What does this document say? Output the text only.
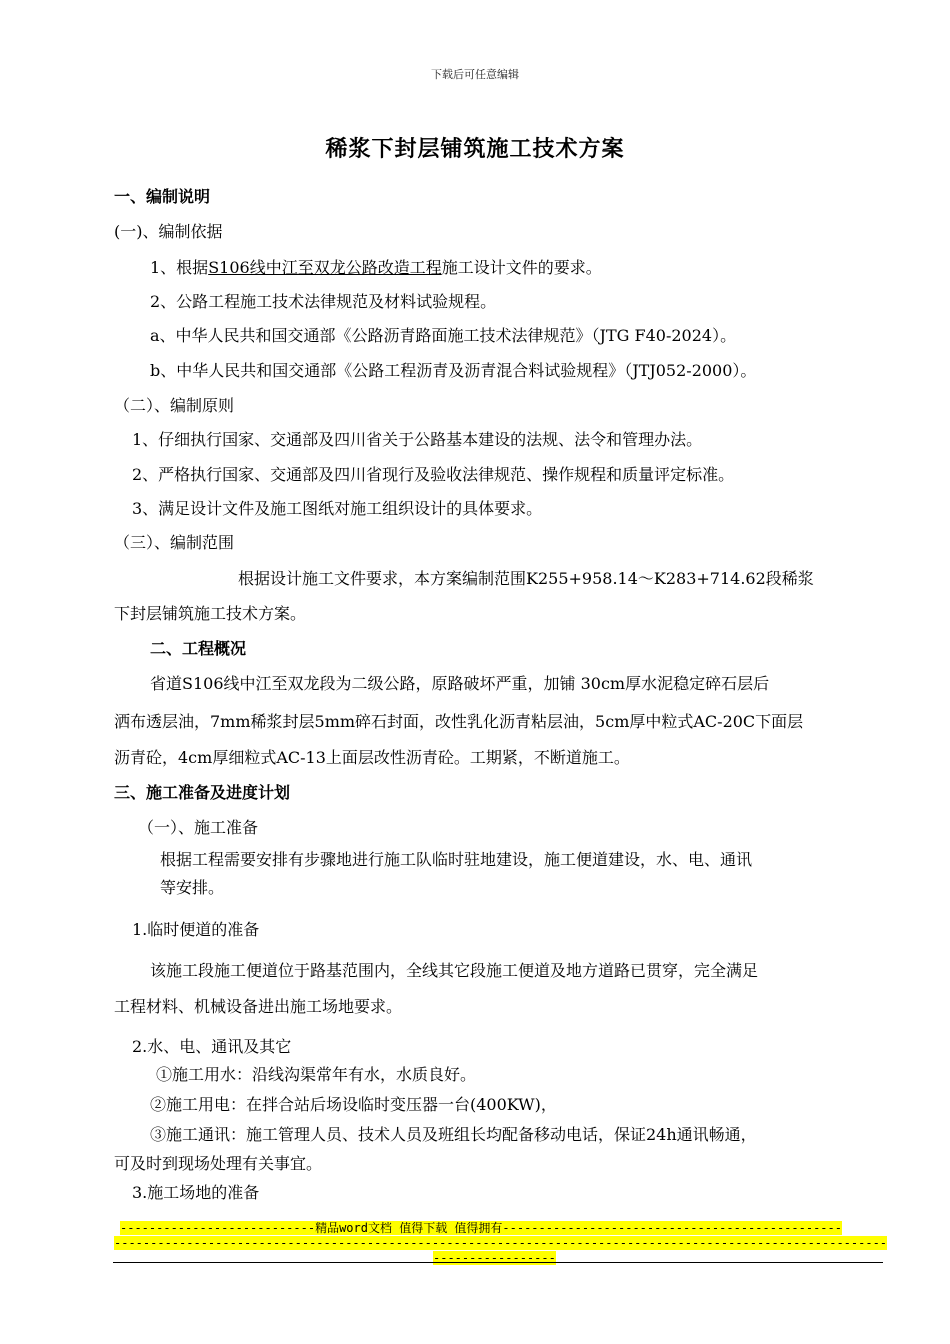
下载后可任意编辑
稀浆下封层铺筑施工技术方案
一、编制说明
(一)、编制依据
1、根据S106线中江至双龙公路改造工程施工设计文件的要求。
2、公路工程施工技术法律规范及材料试验规程。
a、中华人民共和国交通部《公路沥青路面施工技术法律规范》（JTG F40-2024）。
b、中华人民共和国交通部《公路工程沥青及沥青混合料试验规程》（JTJ052-2000）。
（二）、编制原则
1、仔细执行国家、交通部及四川省关于公路基本建设的法规、法令和管理办法。
2、严格执行国家、交通部及四川省现行及验收法律规范、操作规程和质量评定标准。
3、满足设计文件及施工图纸对施工组织设计的具体要求。
（三）、编制范围
根据设计施工文件要求，本方案编制范围K255+958.14～K283+714.62段稀浆
下封层铺筑施工技术方案。
二、工程概况
省道S106线中江至双龙段为二级公路，原路破坏严重，加铺 30cm厚水泥稳定碎石层后
洒布透层油，7mm稀浆封层5mm碎石封面，改性乳化沥青粘层油，5cm厚中粒式AC-20C下面层
沥青砼，4cm厚细粒式AC-13上面层改性沥青砼。工期紧，不断道施工。
三、施工准备及进度计划
（一）、施工准备
根据工程需要安排有步骤地进行施工队临时驻地建设，施工便道建设，水、电、通讯
等安排。
1.临时便道的准备
该施工段施工便道位于路基范围内，全线其它段施工便道及地方道路已贯穿，完全满足
工程材料、机械设备进出施工场地要求。
2.水、电、通讯及其它
①施工用水：沿线沟渠常年有水，水质良好。
②施工用电：在拌合站后场设临时变压器一台(400KW)，
③施工通讯：施工管理人员、技术人员及班组长均配备移动电话，保证24h通讯畅通，
可及时到现场处理有关事宜。
3.施工场地的准备
---------------------------精品word文档 值得下载 值得拥有-----------------------------------------------
-----------------------------------------------------------------------------------------------------------
-----------------
